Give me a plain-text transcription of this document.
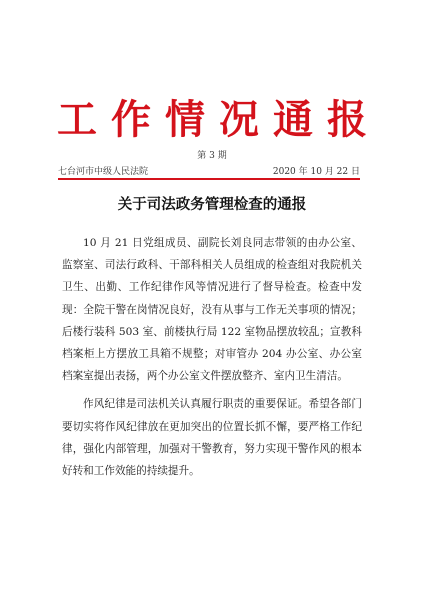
工作情况通报
第 3 期
七台河市中级人民法院	2020 年 10 月 22 日
关于司法政务管理检查的通报

10 月 21 日党组成员、副院长刘良同志带领的由办公室、监察室、司法行政科、干部科相关人员组成的检查组对我院机关卫生、出勤、工作纪律作风等情况进行了督导检查。检查中发现：全院干警在岗情况良好，没有从事与工作无关事项的情况；后楼行装科 503 室、前楼执行局 122 室物品摆放较乱；宣教科档案柜上方摆放工具箱不规整；对审管办 204 办公室、办公室档案室提出表扬，两个办公室文件摆放整齐、室内卫生清洁。

作风纪律是司法机关认真履行职责的重要保证。希望各部门要切实将作风纪律放在更加突出的位置长抓不懈，要严格工作纪律，强化内部管理，加强对干警教育，努力实现干警作风的根本好转和工作效能的持续提升。
